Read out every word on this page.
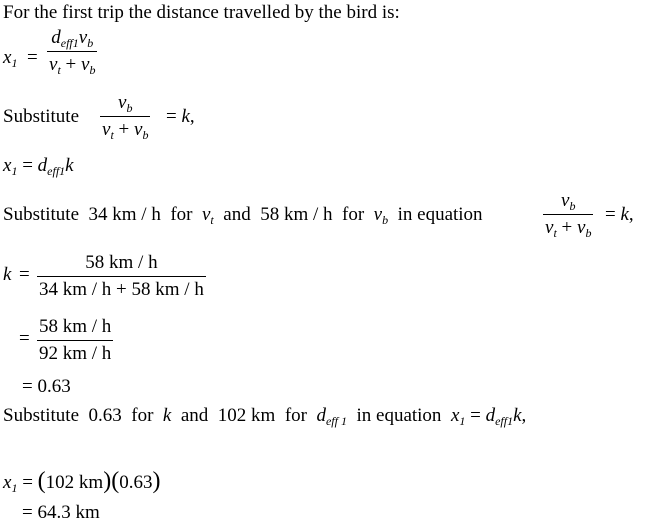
For the first trip the distance travelled by the bird is:
$x_1$ =
$d_{eff1}v_b$
$v_t + v_b$
Substitute
$v_b$
$v_t + v_b$
= k,
$x_1 = d_{eff1}k$
Substitute 34 km / h for $v_t$ and 58 km / h for $v_b$ in equation
$v_b$
$v_t + v_b$
= k,
k =
58 km / h
34 km / h + 58 km / h
=
58 km / h
92 km / h
= 0.63
Substitute 0.63 for k and 102 km for $d_{eff 1}$ in equation $x_1 = d_{eff1}k$,
$x_1 = (102$ km)(0.63)
= 64.3 km
